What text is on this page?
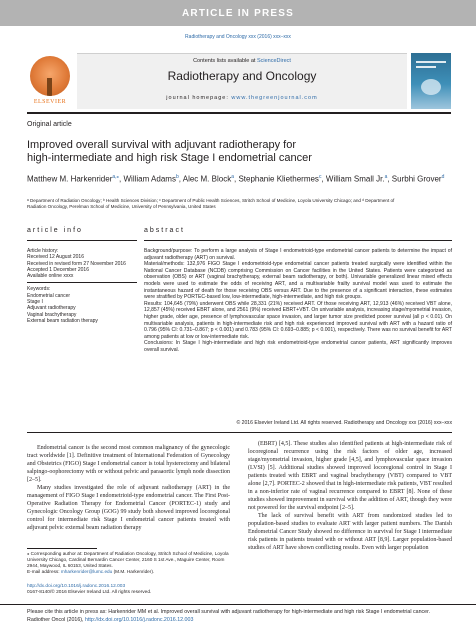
ARTICLE IN PRESS
Radiotherapy and Oncology xxx (2016) xxx–xxx
ELSEVIER
Contents lists available at ScienceDirect
Radiotherapy and Oncology
journal homepage: www.thegreenjournal.com
Original article
Improved overall survival with adjuvant radiotherapy for
high-intermediate and high risk Stage I endometrial cancer
Matthew M. Harkenrider$^{a,⁎}$, William Adams$^b$, Alec M. Block$^a$, Stephanie Kliethermes$^c$, William Small Jr.$^a$, Surbhi Grover$^d$
ᵃ Department of Radiation Oncology; ᵇ Health Sciences Division; ᶜ Department of Public Health Sciences, Stritch School of Medicine, Loyola University Chicago; and ᵈ Department of
Radiation Oncology, Perelman School of Medicine, University of Pennsylvania, United States
article info	abstract
Article history:
Received 12 August 2016
Received in revised form 27 November 2016
Accepted 1 December 2016
Available online xxxx
Keywords:
Endometrial cancer
Stage I
Adjuvant radiotherapy
Vaginal brachytherapy
External beam radiation therapy

Background/purpose: To perform a large analysis of Stage I endometrioid-type endometrial cancer patients to determine the impact of adjuvant radiotherapy (ART) on survival.

Material/methods: 132,976 FIGO Stage I endometrioid-type endometrial cancer patients treated surgically were identified within the National Cancer Database (NCDB) comprising Commission on Cancer facilities in the United States. Patients were categorized as observation (OBS) or ART (vaginal brachytherapy, external beam radiotherapy, or both). Univariable generalized linear mixed effects models were used to estimate the odds of receiving ART, and a multivariable frailty survival model was used to estimate the instantaneous hazard of death for those receiving OBS versus ART. Due to the presence of a significant interaction, these estimates were stratified by PORTEC-based low, low-intermediate, high-intermediate, and high risk groups.

Results: 104,645 (79%) underwent OBS while 28,331 (21%) received ART. Of those receiving ART, 12,913 (46%) received VBT alone, 12,857 (45%) received EBRT alone, and 2561 (9%) received EBRT+VBT. On univariable analysis, increasing stage/myometrial invasion, higher grade, older age, presence of lymphovascular space invasion, and larger tumor size predicted poorer survival (all p < 0.01). On multivariable analysis, patients in high-intermediate risk and high risk experienced improved survival with ART with a hazard ratio of 0.796 (95% CI: 0.731–0.867; p < 0.001) and 0.783 (95% CI: 0.693–0.885; p < 0.001), respectively. There was no survival benefit for ART among patients at low or low-intermediate risk.

Conclusions: In Stage I high-intermediate and high risk endometrioid-type endometrial cancer patients, ART significantly improves overall survival.

© 2016 Elsevier Ireland Ltd. All rights reserved. Radiotherapy and Oncology xxx (2016) xxx–xxx

Endometrial cancer is the second most common malignancy of the gynecologic tract worldwide [1]. Definitive treatment of International Federation of Gynecology and Obstetrics (FIGO) Stage I endometrial cancer is total hysterectomy and bilateral salpingo-oophorectomy with or without pelvic and paraaortic lymph node dissection [2–5].

Many studies investigated the role of adjuvant radiotherapy (ART) in the management of FIGO Stage I endometrioid-type endometrial cancer. The First Post-Operative Radiation Therapy for Endometrial Cancer (PORTEC-1) study and Gynecologic Oncology Group (GOG) 99 study both showed improved locoregional control for intermediate risk Stage I endometrial cancer patients treated with adjuvant pelvic external beam radiation therapy

(EBRT) [4,5]. These studies also identified patients at high-intermediate risk of locoregional recurrence using the risk factors of older age, increased stage/myometrial invasion, higher grade [4,5], and lymphovascular space invasion (LVSI) [5]. Additional studies showed improved locoregional control in Stage I patients treated with EBRT and vaginal brachytherapy (VBT) compared to VBT alone [2,7]. PORTEC-2 showed that in high-intermediate risk patients, VBT resulted in a non-inferior rate of vaginal recurrence compared to EBRT [8]. None of these studies showed improvement in survival with the addition of ART, though they were not powered for the survival endpoint [2–5].

The lack of survival benefit with ART from randomized studies led to population-based studies to evaluate ART with larger patient numbers. The Danish Endometrial Cancer Study showed no difference in survival for Stage I intermediate risk patients in patients treated with or without ART [8,9]. Larger population-based studies of ART have shown conflicting results. Even with larger population

⁎ Corresponding author at: Department of Radiation Oncology, Stritch School of Medicine, Loyola University Chicago, Cardinal Bernardin Cancer Center, 2160 S 1st Ave., Maguire Center, Room 2944, Maywood, IL 60153, United States.
E-mail address: mharkenrider@lumc.edu (M.M. Harkenrider).
http://dx.doi.org/10.1016/j.radonc.2016.12.003
0167-8140/© 2016 Elsevier Ireland Ltd. All rights reserved.
Please cite this article in press as: Harkenrider MM et al. Improved overall survival with adjuvant radiotherapy for high-intermediate and high risk Stage I endometrial cancer. Radiother Oncol (2016), http://dx.doi.org/10.1016/j.radonc.2016.12.003
